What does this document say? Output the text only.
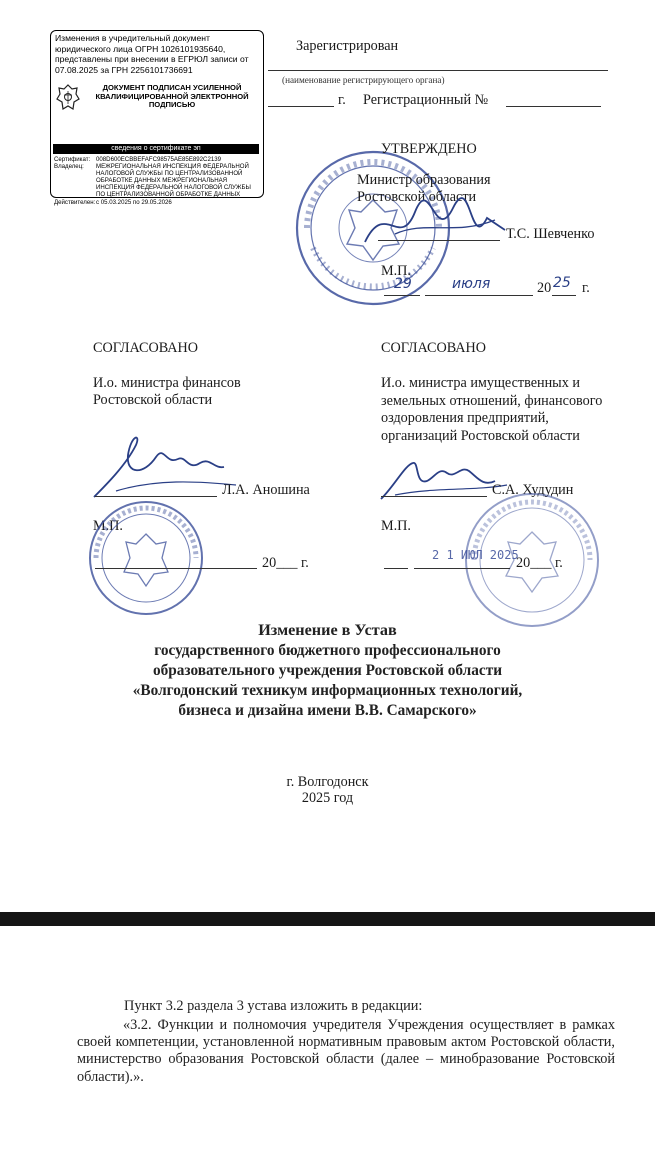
Изменения в учредительный документ юридического лица ОГРН 1026101935640, представлены при внесении в ЕГРЮЛ записи от 07.08.2025 за ГРН 2256101736691
ДОКУМЕНТ ПОДПИСАН УСИЛЕННОЙ КВАЛИФИЦИРОВАННОЙ ЭЛЕКТРОННОЙ ПОДПИСЬЮ
сведения о сертификате эп
Сертификат: 008D600ECBBEFAFC98575AE85E892C2139
Владелец:	МЕЖРЕГИОНАЛЬНАЯ ИНСПЕКЦИЯ ФЕДЕРАЛЬНОЙ НАЛОГОВОЙ СЛУЖБЫ ПО ЦЕНТРАЛИЗОВАННОЙ ОБРАБОТКЕ ДАННЫХ МЕЖРЕГИОНАЛЬНАЯ ИНСПЕКЦИЯ ФЕДЕРАЛЬНОЙ НАЛОГОВОЙ СЛУЖБЫ ПО ЦЕНТРАЛИЗОВАННОЙ ОБРАБОТКЕ ДАННЫХ
Действителен: с 05.03.2025 по 29.05.2026
Зарегистрирован
(наименование регистрирующего органа)
г. Регистрационный №
УТВЕРЖДЕНО
Министр образования Ростовской области
Т.С. Шевченко
М.П.
29	июля	20 25 г.
СОГЛАСОВАНО
И.о. министра финансов Ростовской области
Л.А. Аношина
М.П.
20___ г.
СОГЛАСОВАНО
И.о. министра имущественных и земельных отношений, финансового оздоровления предприятий, организаций Ростовской области
С.А. Худудин
М.П.
2 1 ИЮЛ 2025
20___ г.
Изменение в Устав
государственного бюджетного профессионального
образовательного учреждения Ростовской области
«Волгодонский техникум информационных технологий,
бизнеса и дизайна имени В.В. Самарского»
г. Волгодонск
2025 год
Пункт 3.2 раздела 3 устава изложить в редакции:
«3.2. Функции и полномочия учредителя Учреждения осуществляет в рамках своей компетенции, установленной нормативным правовым актом Ростовской области, министерство образования Ростовской области (далее – минобразование Ростовской области).».
